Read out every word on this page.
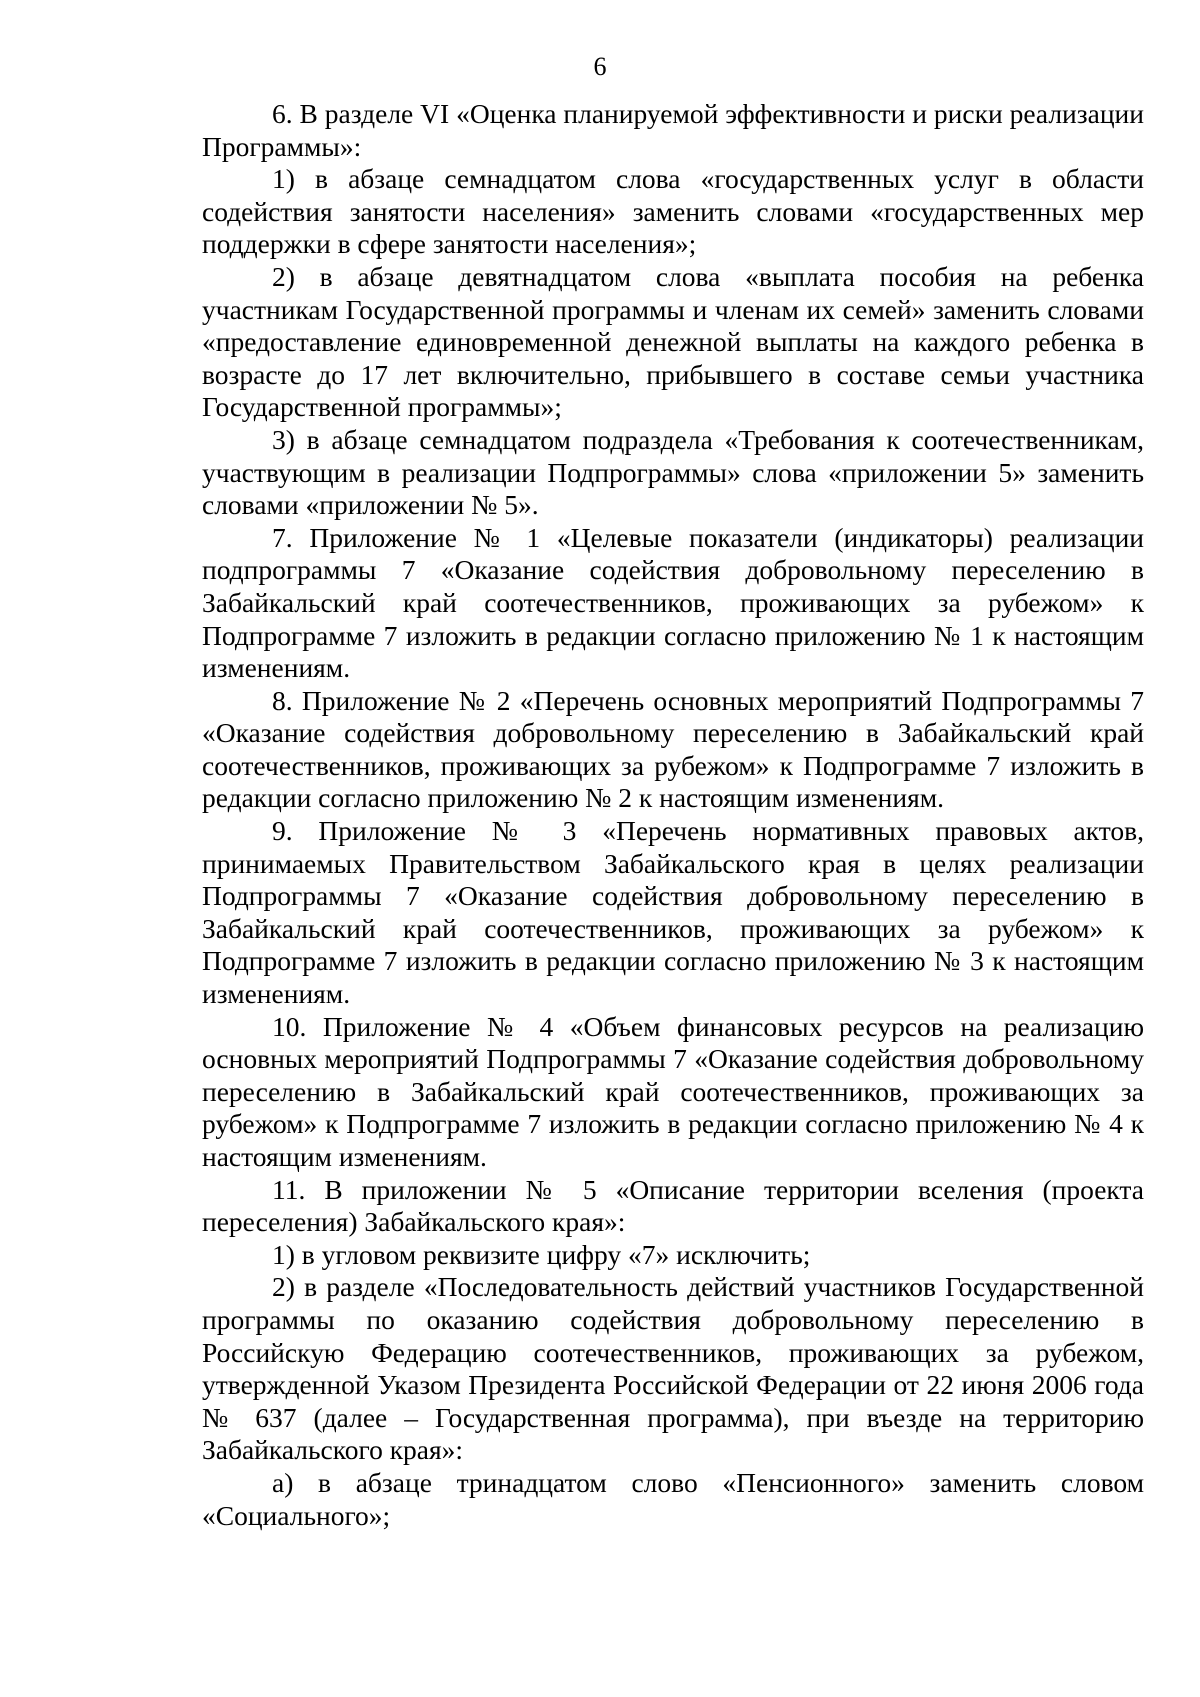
6

6. В разделе VI «Оценка планируемой эффективности и риски реализации Программы»:

1) в абзаце семнадцатом слова «государственных услуг в области содействия занятости населения» заменить словами «государственных мер поддержки в сфере занятости населения»;

2) в абзаце девятнадцатом слова «выплата пособия на ребенка участникам Государственной программы и членам их семей» заменить словами «предоставление единовременной денежной выплаты на каждого ребенка в возрасте до 17 лет включительно, прибывшего в составе семьи участника Государственной программы»;

3) в абзаце семнадцатом подраздела «Требования к соотечественникам, участвующим в реализации Подпрограммы» слова «приложении 5» заменить словами «приложении № 5».

7. Приложение № 1 «Целевые показатели (индикаторы) реализации подпрограммы 7 «Оказание содействия добровольному переселению в Забайкальский край соотечественников, проживающих за рубежом» к Подпрограмме 7 изложить в редакции согласно приложению № 1 к настоящим изменениям.

8. Приложение № 2 «Перечень основных мероприятий Подпрограммы 7 «Оказание содействия добровольному переселению в Забайкальский край соотечественников, проживающих за рубежом» к Подпрограмме 7 изложить в редакции согласно приложению № 2 к настоящим изменениям.

9. Приложение № 3 «Перечень нормативных правовых актов, принимаемых Правительством Забайкальского края в целях реализации Подпрограммы 7 «Оказание содействия добровольному переселению в Забайкальский край соотечественников, проживающих за рубежом» к Подпрограмме 7 изложить в редакции согласно приложению № 3 к настоящим изменениям.

10. Приложение № 4 «Объем финансовых ресурсов на реализацию основных мероприятий Подпрограммы 7 «Оказание содействия добровольному переселению в Забайкальский край соотечественников, проживающих за рубежом» к Подпрограмме 7 изложить в редакции согласно приложению № 4 к настоящим изменениям.

11. В приложении № 5 «Описание территории вселения (проекта переселения) Забайкальского края»:

1) в угловом реквизите цифру «7» исключить;

2) в разделе «Последовательность действий участников Государственной программы по оказанию содействия добровольному переселению в Российскую Федерацию соотечественников, проживающих за рубежом, утвержденной Указом Президента Российской Федерации от 22 июня 2006 года № 637 (далее – Государственная программа), при въезде на территорию Забайкальского края»:

а) в абзаце тринадцатом слово «Пенсионного» заменить словом «Социального»;
